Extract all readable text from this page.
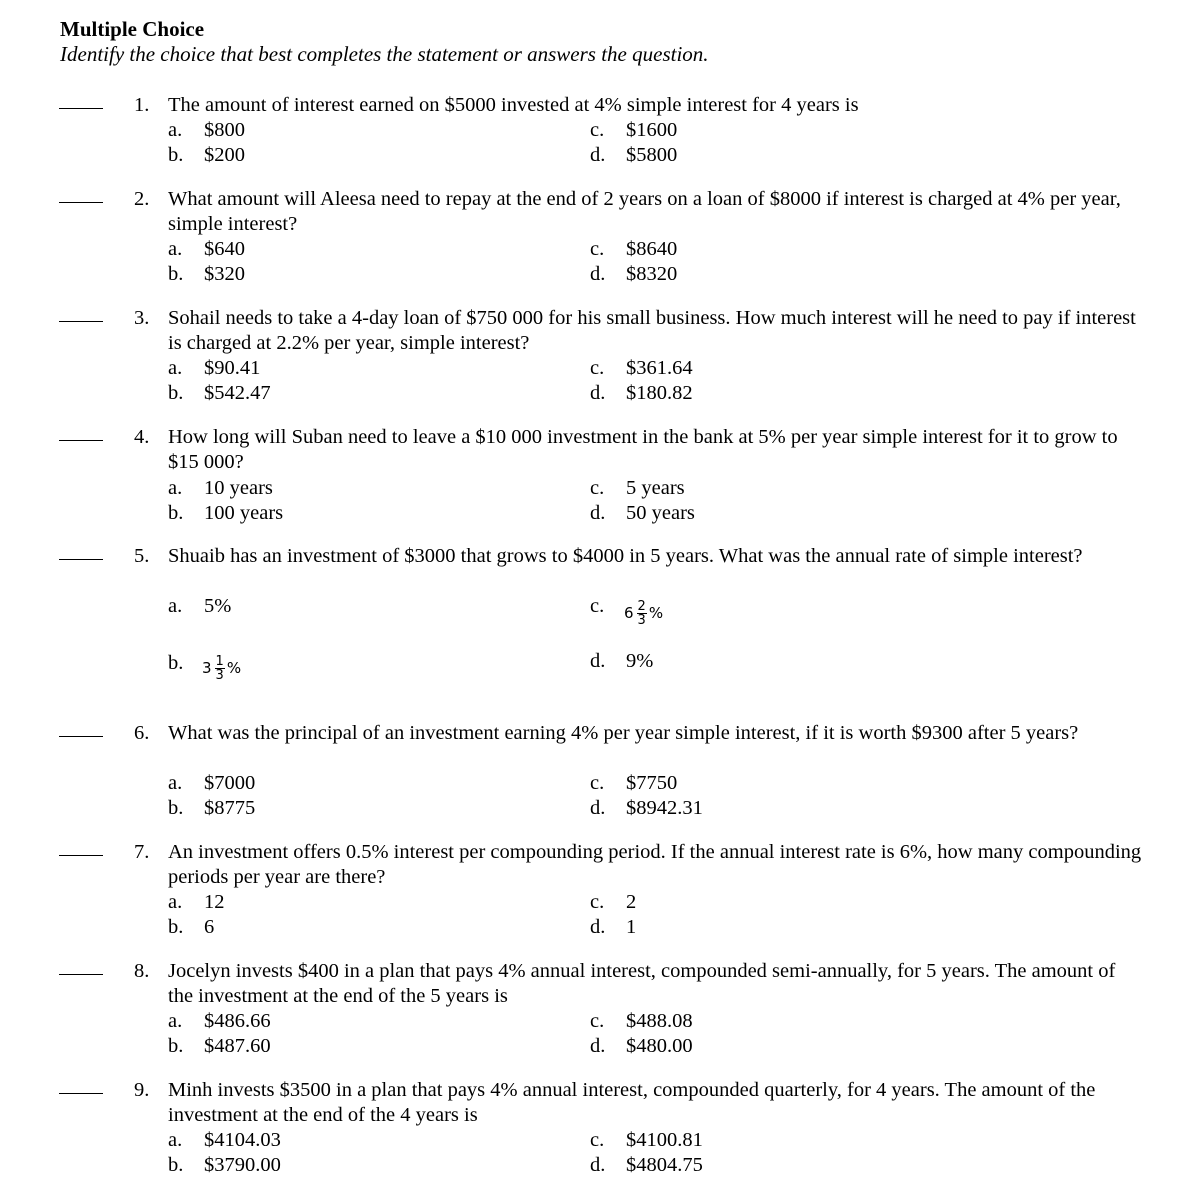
Multiple Choice
Identify the choice that best completes the statement or answers the question.
1. The amount of interest earned on $5000 invested at 4% simple interest for 4 years is
a. $800	c. $1600
b. $200	d. $5800
2. What amount will Aleesa need to repay at the end of 2 years on a loan of $8000 if interest is charged at 4% per year, simple interest?
a. $640	c. $8640
b. $320	d. $8320
3. Sohail needs to take a 4-day loan of $750 000 for his small business. How much interest will he need to pay if interest is charged at 2.2% per year, simple interest?
a. $90.41	c. $361.64
b. $542.47	d. $180.82
4. How long will Suban need to leave a $10 000 investment in the bank at 5% per year simple interest for it to grow to $15 000?
a. 10 years	c. 5 years
b. 100 years	d. 50 years
5. Shuaib has an investment of $3000 that grows to $4000 in 5 years. What was the annual rate of simple interest?
a. 5%	c. $6 \frac{2}{3}$ %
b. $3 \frac{1}{3}$ %	d. 9%
6. What was the principal of an investment earning 4% per year simple interest, if it is worth $9300 after 5 years?
a. $7000	c. $7750
b. $8775	d. $8942.31
7. An investment offers 0.5% interest per compounding period. If the annual interest rate is 6%, how many compounding periods per year are there?
a. 12	c. 2
b. 6	d. 1
8. Jocelyn invests $400 in a plan that pays 4% annual interest, compounded semi-annually, for 5 years. The amount of the investment at the end of the 5 years is
a. $486.66	c. $488.08
b. $487.60	d. $480.00
9. Minh invests $3500 in a plan that pays 4% annual interest, compounded quarterly, for 4 years. The amount of the investment at the end of the 4 years is
a. $4104.03	c. $4100.81
b. $3790.00	d. $4804.75
